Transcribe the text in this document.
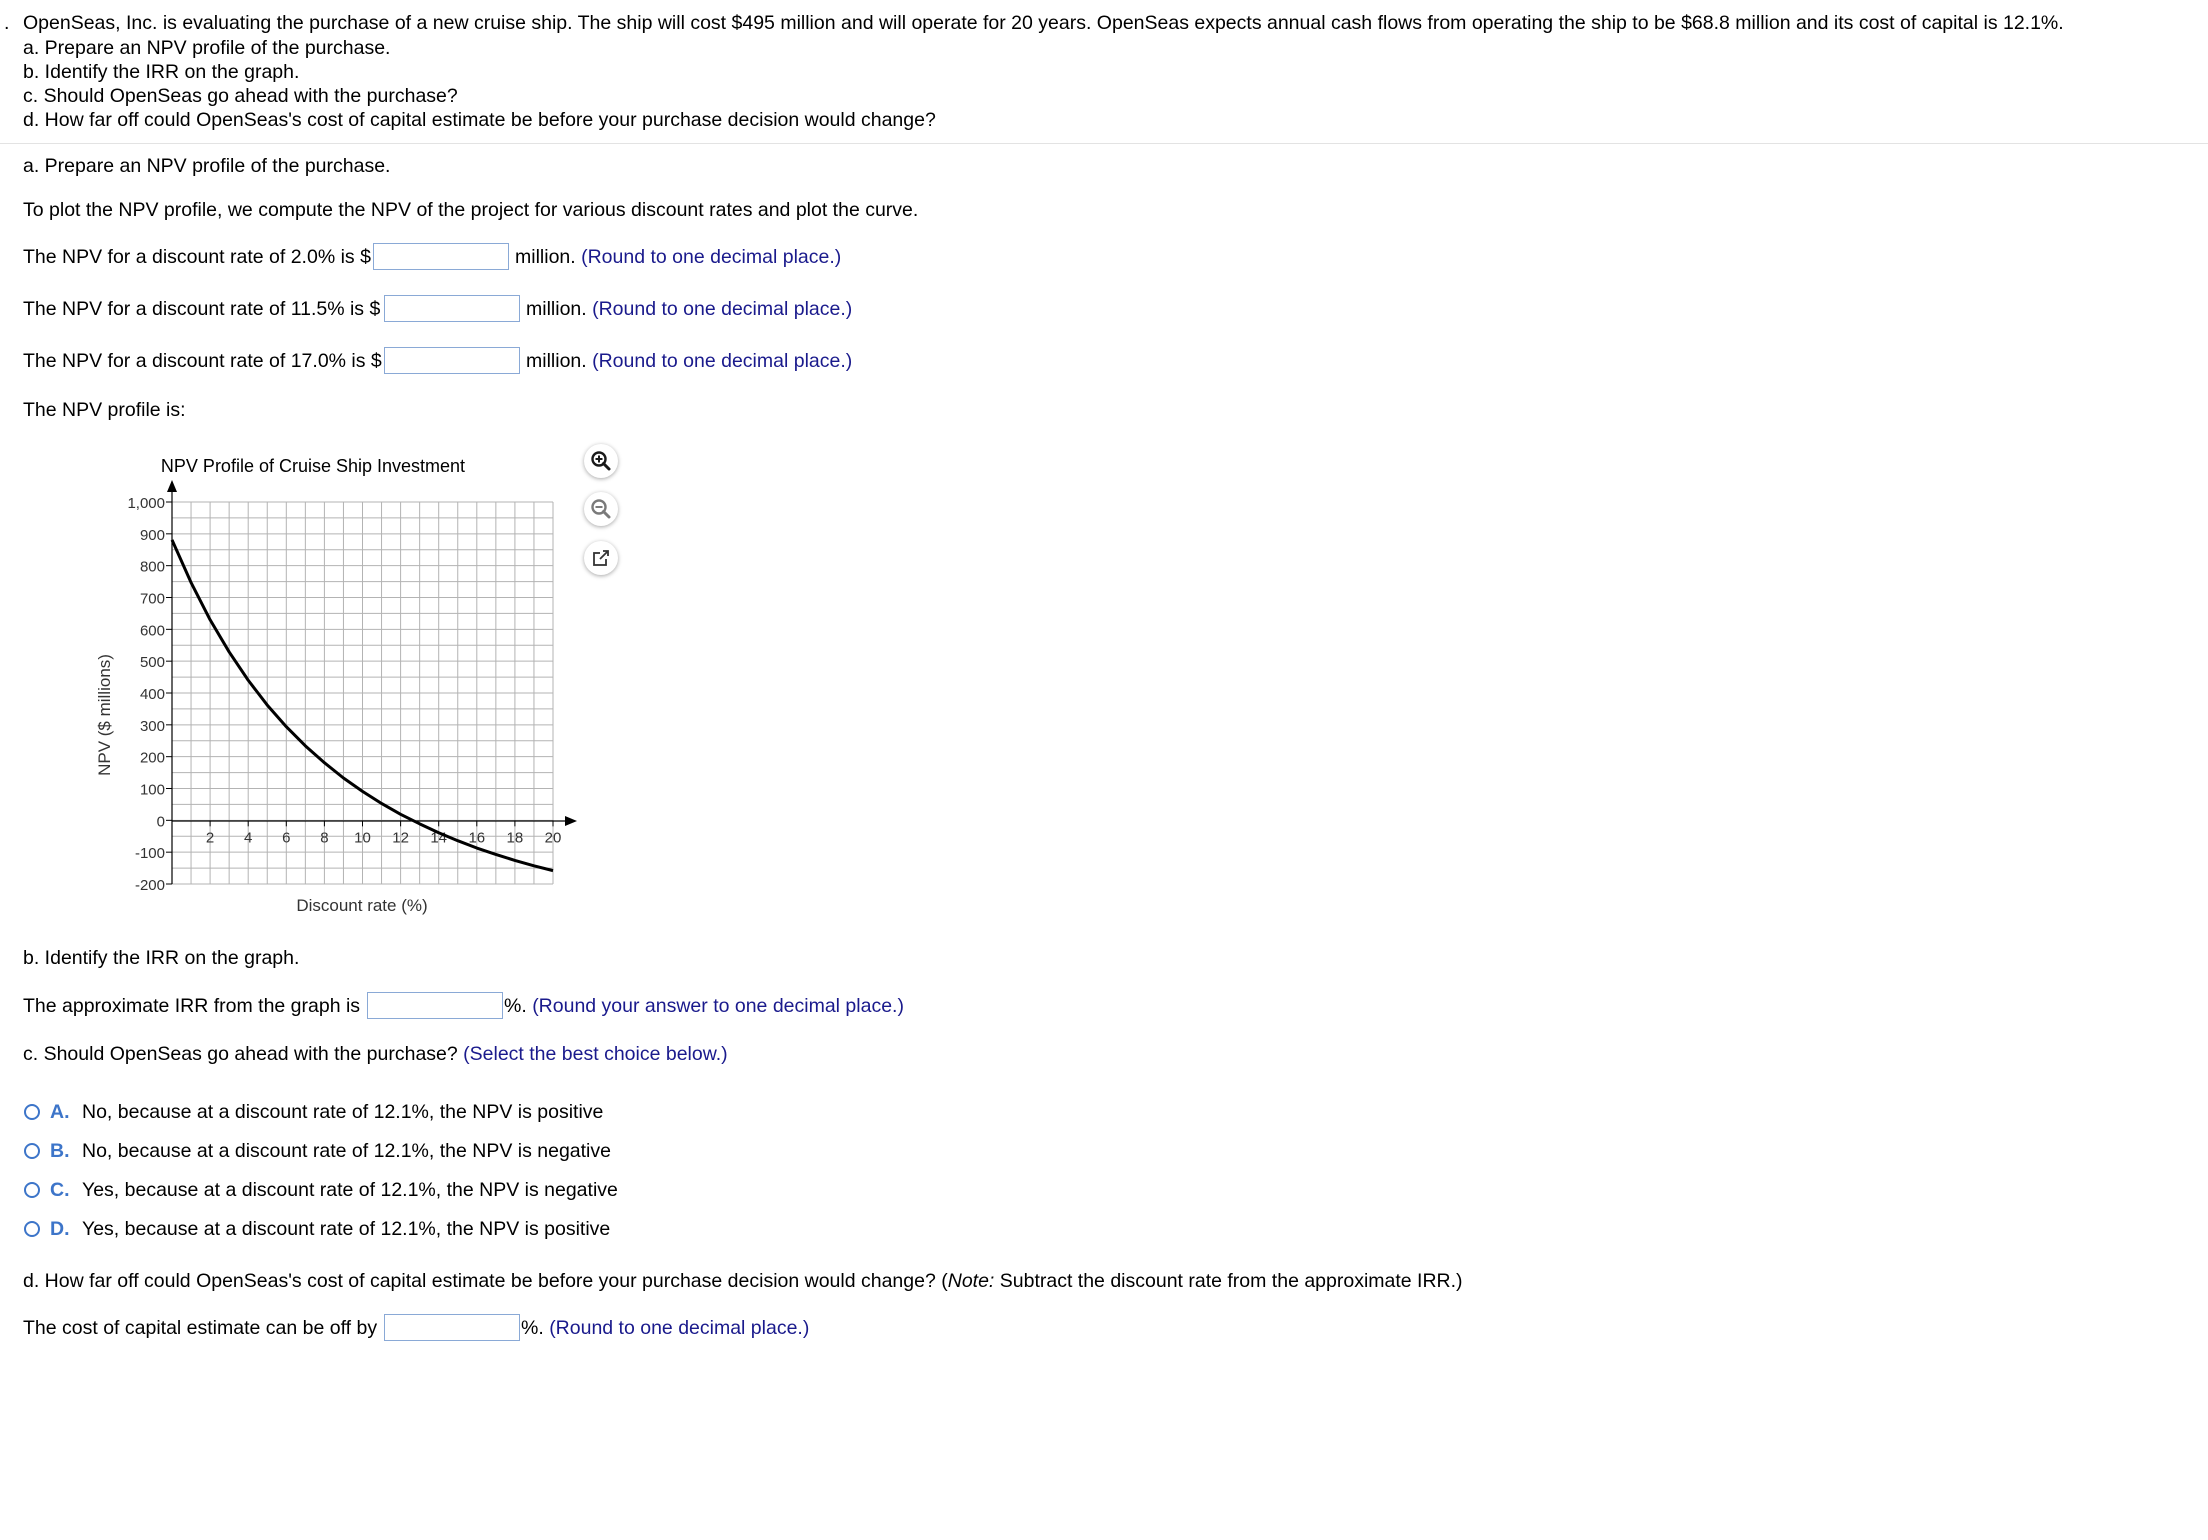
. OpenSeas, Inc. is evaluating the purchase of a new cruise ship. The ship will cost $495 million and will operate for 20 years. OpenSeas expects annual cash flows from operating the ship to be $68.8 million and its cost of capital is 12.1%.
a. Prepare an NPV profile of the purchase.
b. Identify the IRR on the graph.
c. Should OpenSeas go ahead with the purchase?
d. How far off could OpenSeas's cost of capital estimate be before your purchase decision would change?
a. Prepare an NPV profile of the purchase.
To plot the NPV profile, we compute the NPV of the project for various discount rates and plot the curve.
The NPV for a discount rate of 2.0% is $	million. (Round to one decimal place.)
The NPV for a discount rate of 11.5% is $	million. (Round to one decimal place.)
The NPV for a discount rate of 17.0% is $	million. (Round to one decimal place.)
The NPV profile is:
1,000
900
800
700
600
500
400
300
200
100
0
-100
-200
2 4 6 8 10 12 14 16 18 20
NPV Profile of Cruise Ship Investment
Discount rate (%)
NPV ($ millions)
b. Identify the IRR on the graph.
The approximate IRR from the graph is	%. (Round your answer to one decimal place.)
c. Should OpenSeas go ahead with the purchase? (Select the best choice below.)
A. No, because at a discount rate of 12.1%, the NPV is positive
B. No, because at a discount rate of 12.1%, the NPV is negative
C. Yes, because at a discount rate of 12.1%, the NPV is negative
D. Yes, because at a discount rate of 12.1%, the NPV is positive
d. How far off could OpenSeas's cost of capital estimate be before your purchase decision would change? (Note: Subtract the discount rate from the approximate IRR.)
The cost of capital estimate can be off by	%. (Round to one decimal place.)
